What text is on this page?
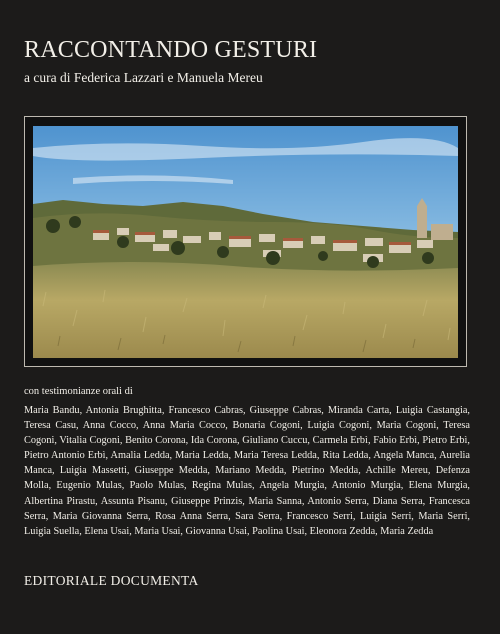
RACCONTANDO GESTURI
a cura di Federica Lazzari e Manuela Mereu
con testimonianze orali di
Maria Bandu, Antonia Brughitta, Francesco Cabras, Giuseppe Cabras, Miranda Carta, Luigia Castangia, Teresa Casu, Anna Cocco, Anna Maria Cocco, Bonaria Cogoni, Luigia Cogoni, Maria Cogoni, Teresa Cogoni, Vitalia Cogoni, Benito Corona, Ida Corona, Giuliano Cuccu, Carmela Erbì, Fabio Erbì, Pietro Erbì, Pietro Antonio Erbì, Amalia Ledda, Maria Ledda, Maria Teresa Ledda, Rita Ledda, Angela Manca, Aurelia Manca, Luigia Massetti, Giuseppe Medda, Mariano Medda, Pietrino Medda, Achille Mereu, Defenza Molla, Eugenio Mulas, Paolo Mulas, Regina Mulas, Angela Murgia, Antonio Murgia, Elena Murgia, Albertina Pirastu, Assunta Pisanu, Giuseppe Prinzis, Maria Sanna, Antonio Serra, Diana Serra, Francesca Serra, Maria Giovanna Serra, Rosa Anna Serra, Sara Serra, Francesco Serri, Luigia Serri, Maria Serri, Luigia Suella, Elena Usai, Maria Usai, Giovanna Usai, Paolina Usai, Eleonora Zedda, Maria Zedda
EDITORIALE DOCUMENTA
